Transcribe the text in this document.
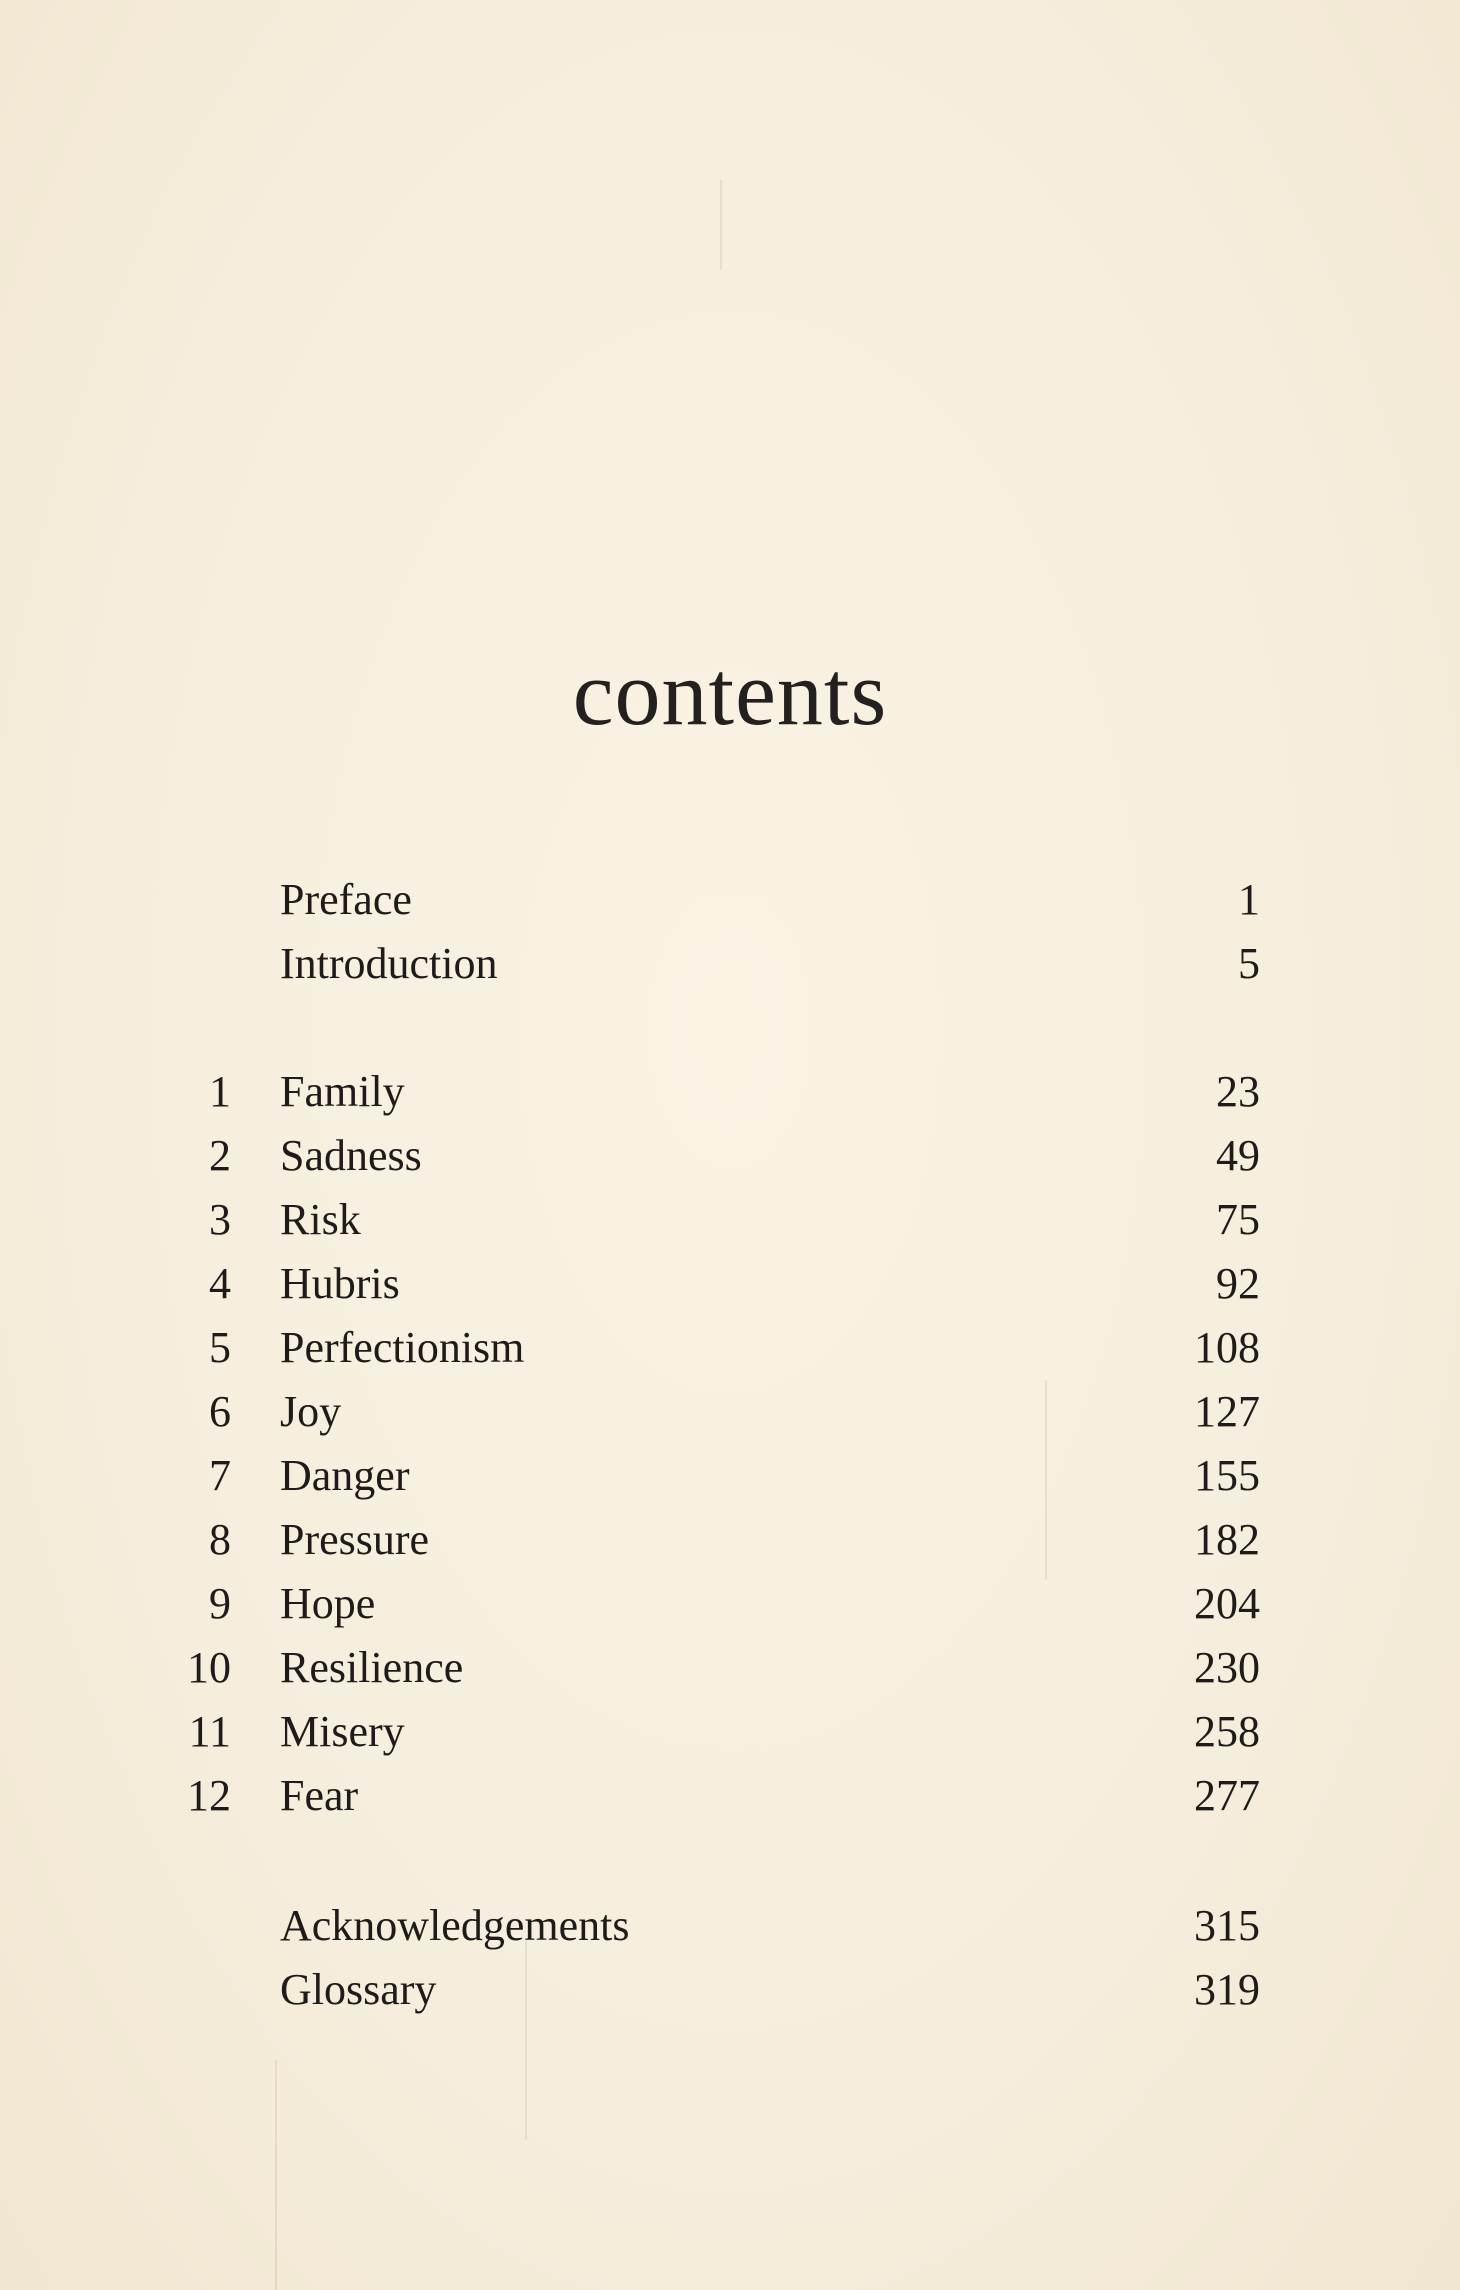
contents
Preface	1
Introduction	5
1 Family	23
2 Sadness	49
3 Risk	75
4 Hubris	92
5 Perfectionism	108
6 Joy	127
7 Danger	155
8 Pressure	182
9 Hope	204
10 Resilience	230
11 Misery	258
12 Fear	277
Acknowledgements	315
Glossary	319
